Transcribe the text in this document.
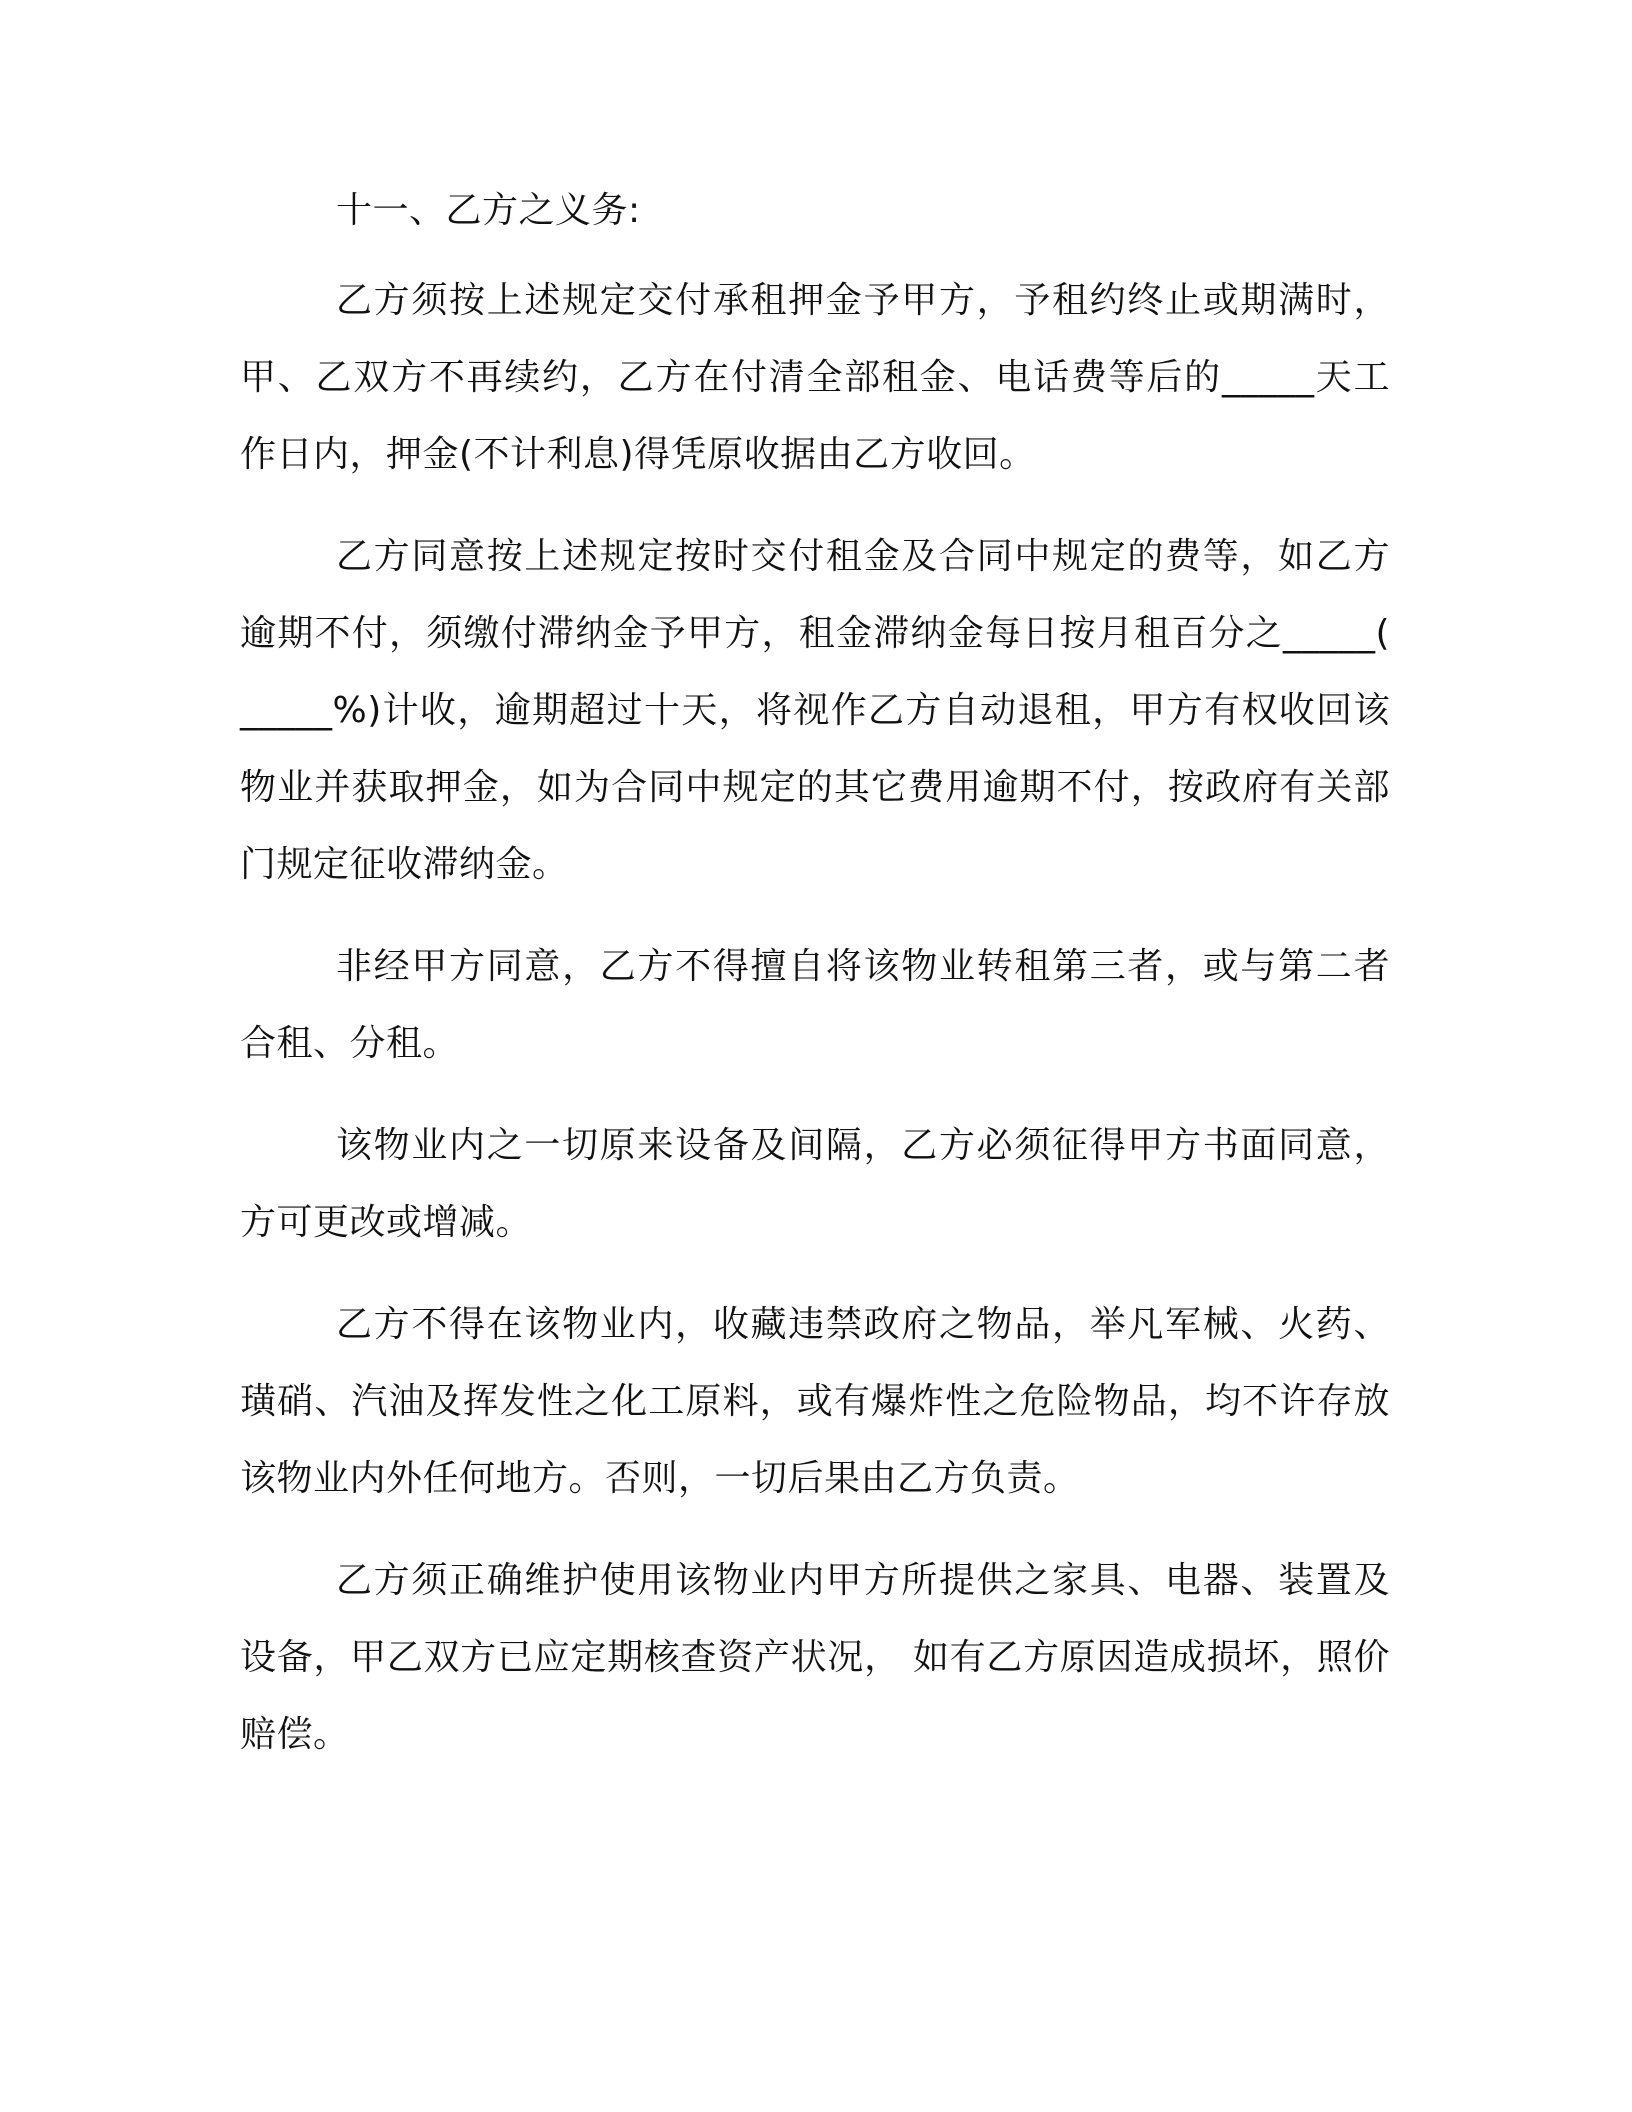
十一、乙方之义务:

乙方须按上述规定交付承租押金予甲方，予租约终止或期满时，甲、乙双方不再续约，乙方在付清全部租金、电话费等后的_____天工作日内，押金(不计利息)得凭原收据由乙方收回。

乙方同意按上述规定按时交付租金及合同中规定的费等，如乙方逾期不付，须缴付滞纳金予甲方，租金滞纳金每日按月租百分之_____( _____%)计收，逾期超过十天，将视作乙方自动退租，甲方有权收回该物业并获取押金，如为合同中规定的其它费用逾期不付，按政府有关部门规定征收滞纳金。

非经甲方同意，乙方不得擅自将该物业转租第三者，或与第二者合租、分租。

该物业内之一切原来设备及间隔，乙方必须征得甲方书面同意，方可更改或增减。

乙方不得在该物业内，收藏违禁政府之物品，举凡军械、火药、璜硝、汽油及挥发性之化工原料，或有爆炸性之危险物品，均不许存放该物业内外任何地方。否则，一切后果由乙方负责。

乙方须正确维护使用该物业内甲方所提供之家具、电器、装置及设备，甲乙双方已应定期核查资产状况， 如有乙方原因造成损坏，照价赔偿。
